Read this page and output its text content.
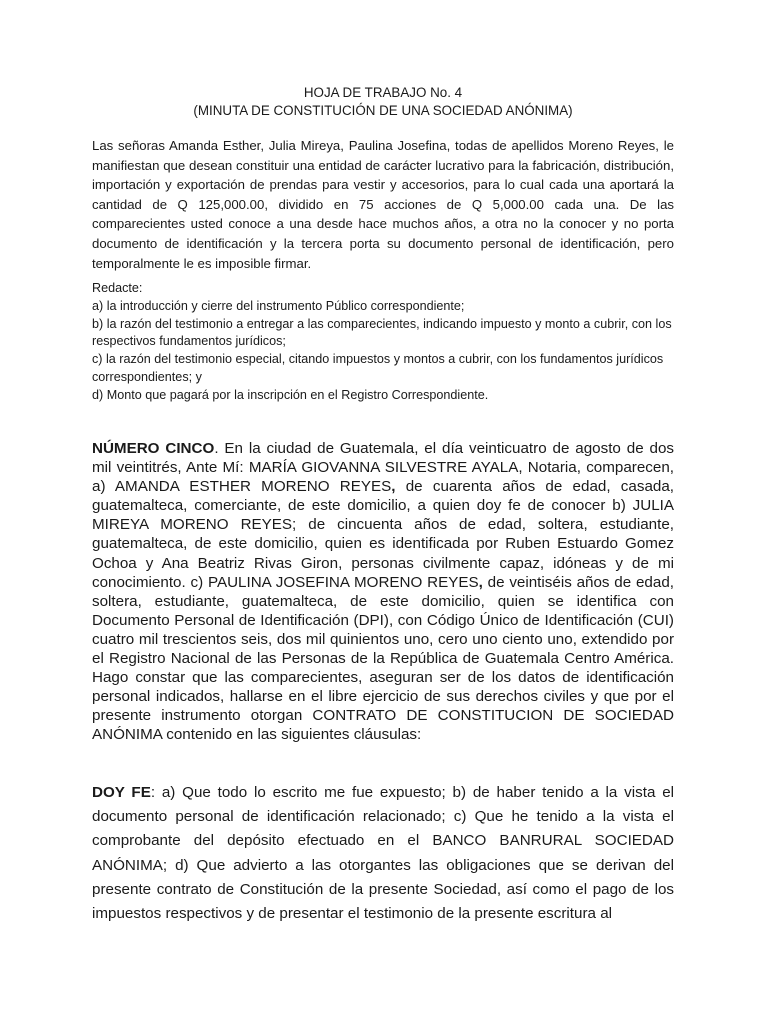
HOJA DE TRABAJO No. 4
(MINUTA DE CONSTITUCIÓN DE UNA SOCIEDAD ANÓNIMA)

Las señoras Amanda Esther, Julia Mireya, Paulina Josefina, todas de apellidos Moreno Reyes, le manifiestan que desean constituir una entidad de carácter lucrativo para la fabricación, distribución, importación y exportación de prendas para vestir y accesorios, para lo cual cada una aportará la cantidad de Q 125,000.00, dividido en 75 acciones de Q 5,000.00 cada una. De las comparecientes usted conoce a una desde hace muchos años, a otra no la conocer y no porta documento de identificación y la tercera porta su documento personal de identificación, pero temporalmente le es imposible firmar.

Redacte:
a) la introducción y cierre del instrumento Público correspondiente;
b) la razón del testimonio a entregar a las comparecientes, indicando impuesto y monto a cubrir, con los respectivos fundamentos jurídicos;
c) la razón del testimonio especial, citando impuestos y montos a cubrir, con los fundamentos jurídicos correspondientes; y
d) Monto que pagará por la inscripción en el Registro Correspondiente.

NÚMERO CINCO. En la ciudad de Guatemala, el día veinticuatro de agosto de dos mil veintitrés, Ante Mí: MARÍA GIOVANNA SILVESTRE AYALA, Notaria, comparecen, a) AMANDA ESTHER MORENO REYES, de cuarenta años de edad, casada, guatemalteca, comerciante, de este domicilio, a quien doy fe de conocer b) JULIA MIREYA MORENO REYES; de cincuenta años de edad, soltera, estudiante, guatemalteca, de este domicilio, quien es identificada por Ruben Estuardo Gomez Ochoa y Ana Beatriz Rivas Giron, personas civilmente capaz, idóneas y de mi conocimiento. c) PAULINA JOSEFINA MORENO REYES, de veintiséis años de edad, soltera, estudiante, guatemalteca, de este domicilio, quien se identifica con Documento Personal de Identificación (DPI), con Código Único de Identificación (CUI) cuatro mil trescientos seis, dos mil quinientos uno, cero uno ciento uno, extendido por el Registro Nacional de las Personas de la República de Guatemala Centro América. Hago constar que las comparecientes, aseguran ser de los datos de identificación personal indicados, hallarse en el libre ejercicio de sus derechos civiles y que por el presente instrumento otorgan CONTRATO DE CONSTITUCION DE SOCIEDAD ANÓNIMA contenido en las siguientes cláusulas:

DOY FE: a) Que todo lo escrito me fue expuesto; b) de haber tenido a la vista el documento personal de identificación relacionado; c) Que he tenido a la vista el comprobante del depósito efectuado en el BANCO BANRURAL SOCIEDAD ANÓNIMA; d) Que advierto a las otorgantes las obligaciones que se derivan del presente contrato de Constitución de la presente Sociedad, así como el pago de los impuestos respectivos y de presentar el testimonio de la presente escritura al
